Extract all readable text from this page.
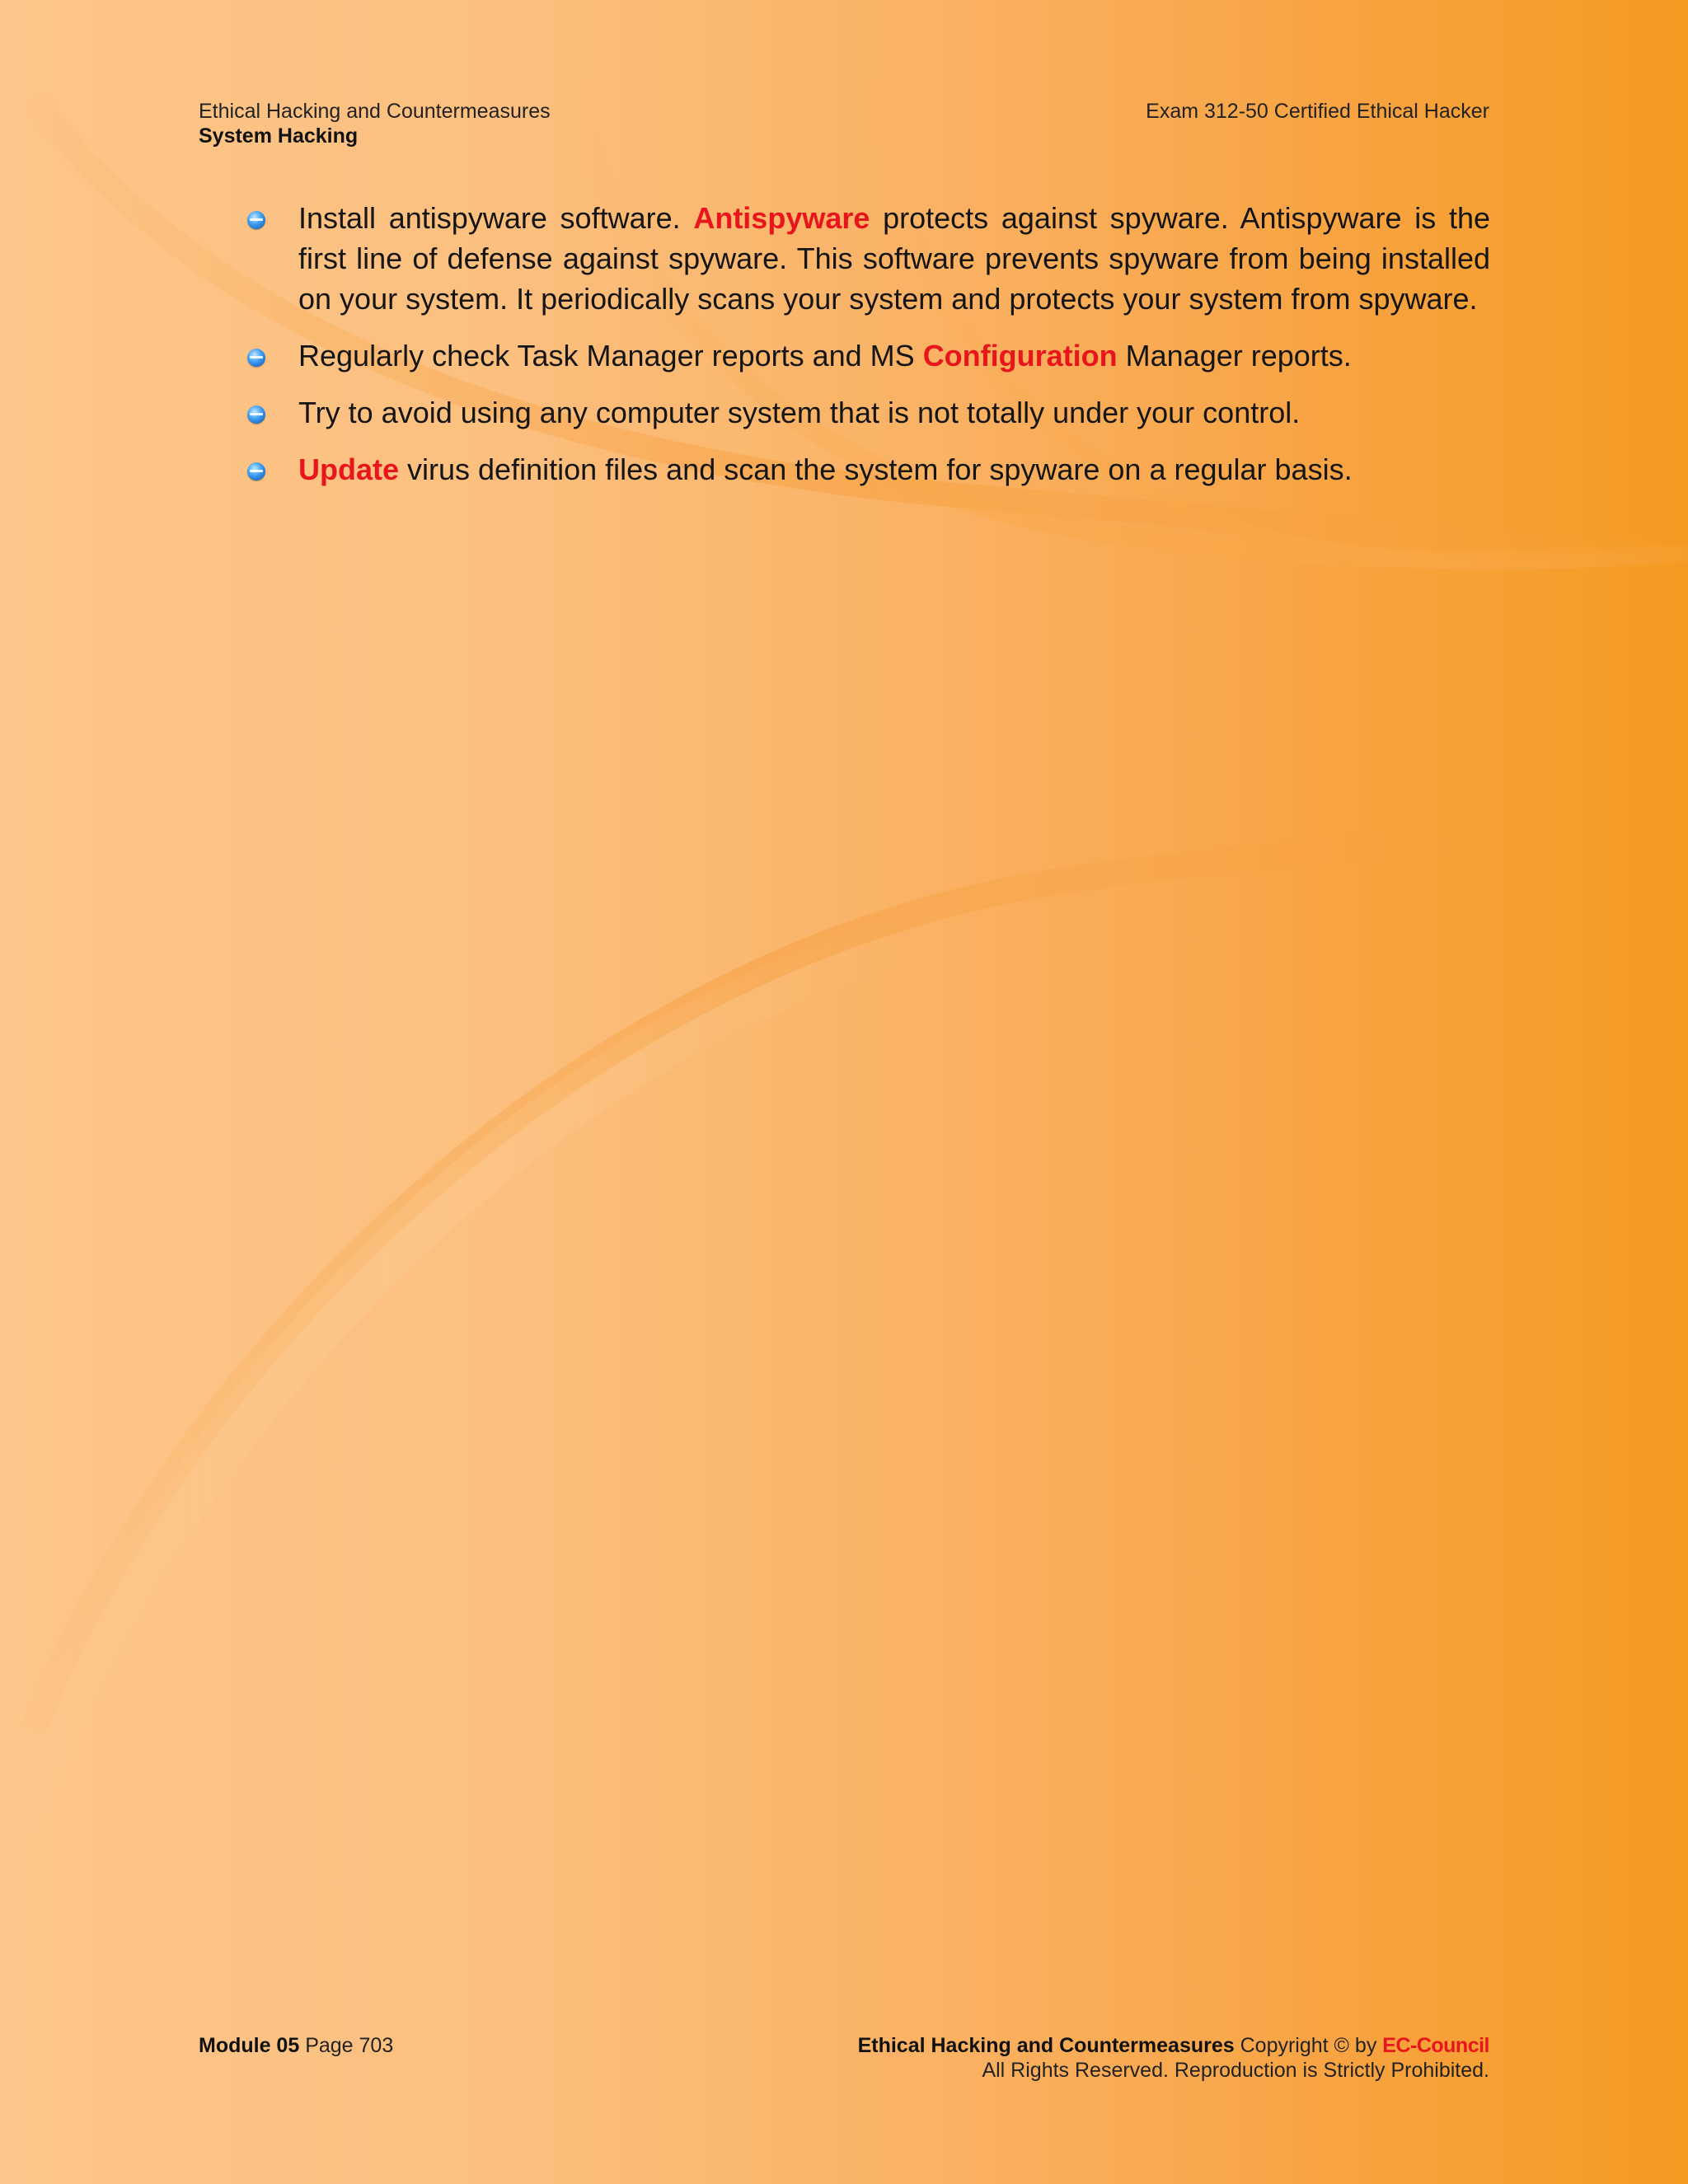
Ethical Hacking and Countermeasures
System Hacking
Exam 312-50 Certified Ethical Hacker
Install antispyware software. Antispyware protects against spyware. Antispyware is the first line of defense against spyware. This software prevents spyware from being installed on your system. It periodically scans your system and protects your system from spyware.
Regularly check Task Manager reports and MS Configuration Manager reports.
Try to avoid using any computer system that is not totally under your control.
Update virus definition files and scan the system for spyware on a regular basis.
Module 05 Page 703	Ethical Hacking and Countermeasures Copyright © by EC-Council
All Rights Reserved. Reproduction is Strictly Prohibited.
